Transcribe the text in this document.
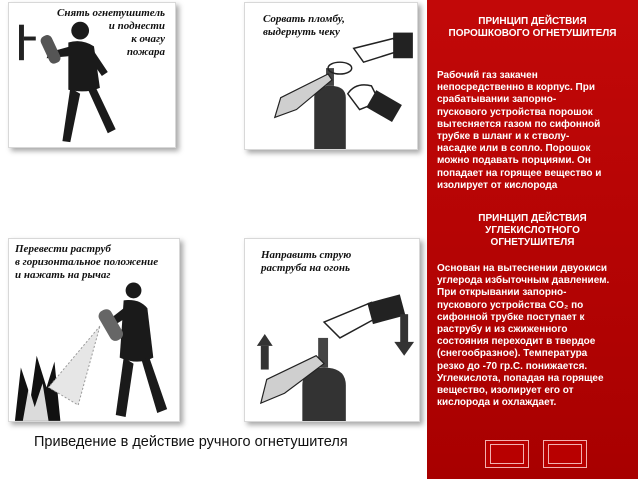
Снять огнетушитель
и поднести
к очагу
пожара
Сорвать пломбу,
выдернуть чеку
Перевести раструб
в горизонтальное положение
и нажать на рычаг
Направить струю
раструба на огонь
Приведение в действие ручного огнетушителя
ПРИНЦИП ДЕЙСТВИЯ
ПОРОШКОВОГО ОГНЕТУШИТЕЛЯ
Рабочий газ закачен
непосредственно в корпус. При
срабатывании запорно-
пускового устройства порошок
вытесняется газом по сифонной
трубке в шланг и к стволу-
насадке или в сопло. Порошок
можно подавать порциями. Он
попадает на горящее вещество и
изолирует от кислорода
ПРИНЦИП ДЕЙСТВИЯ
УГЛЕКИСЛОТНОГО
ОГНЕТУШИТЕЛЯ
Основан на вытеснении двуокиси
углерода избыточным давлением.
При открывании запорно-
пускового устройства CO₂ по
сифонной трубке поступает к
раструбу и из сжиженного
состояния переходит в твердое
(снегообразное). Температура
резко до -70 гр.С. понижается.
Углекислота, попадая на горящее
вещество, изолирует его от
кислорода и охлаждает.
